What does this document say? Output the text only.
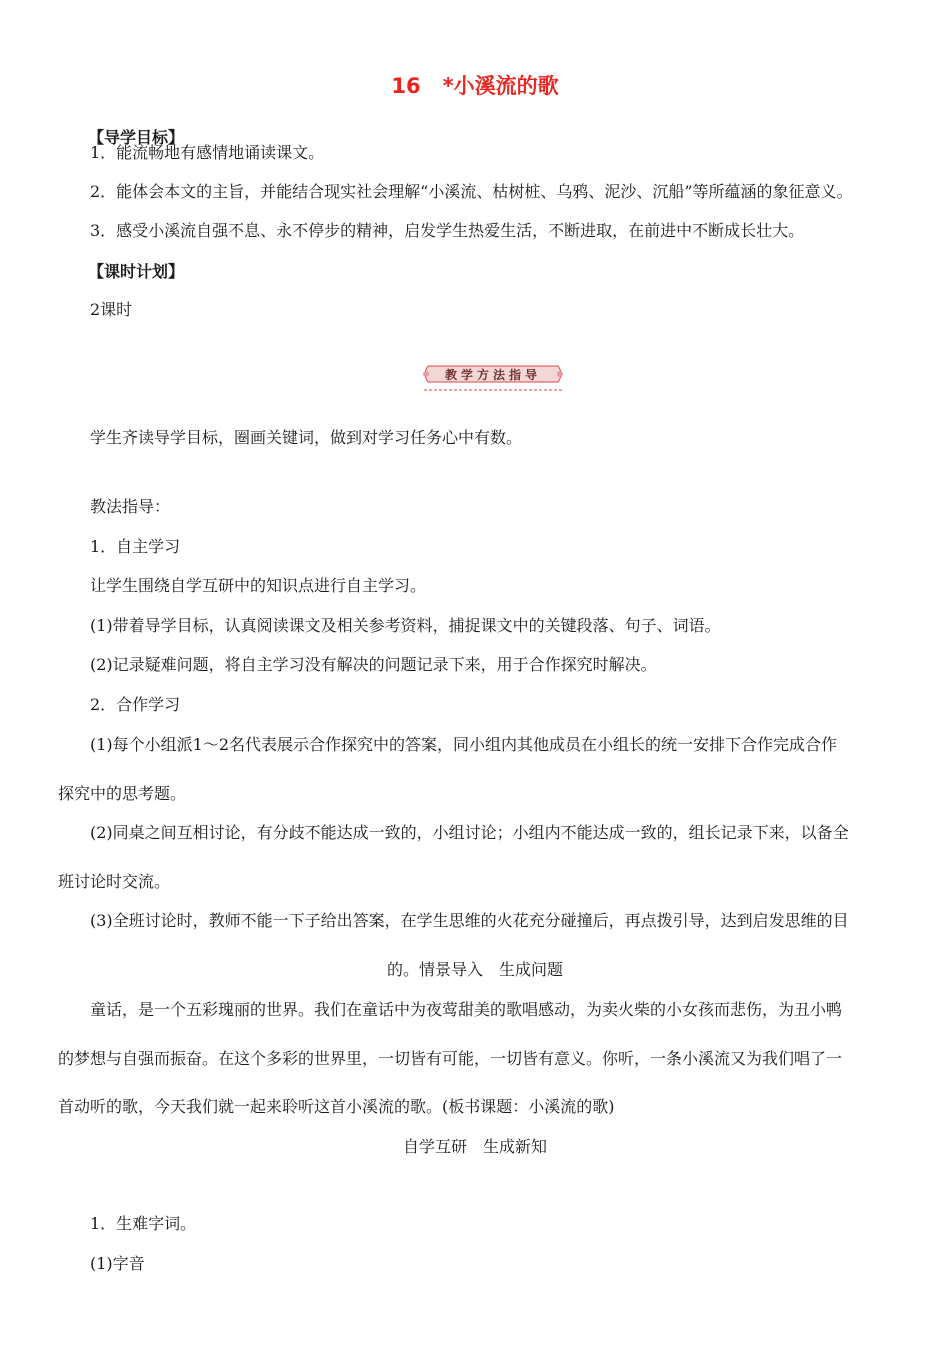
16 *小溪流的歌
【导学目标】
1．能流畅地有感情地诵读课文。
2．能体会本文的主旨，并能结合现实社会理解“小溪流、枯树桩、乌鸦、泥沙、沉船”等所蕴涵的象征意义。
3．感受小溪流自强不息、永不停步的精神，启发学生热爱生活，不断进取，在前进中不断成长壮大。
【课时计划】
2课时
教学方法指导
学生齐读导学目标，圈画关键词，做到对学习任务心中有数。
教法指导：
1．自主学习
让学生围绕自学互研中的知识点进行自主学习。
(1)带着导学目标，认真阅读课文及相关参考资料，捕捉课文中的关键段落、句子、词语。
(2)记录疑难问题，将自主学习没有解决的问题记录下来，用于合作探究时解决。
2．合作学习
(1)每个小组派1～2名代表展示合作探究中的答案，同小组内其他成员在小组长的统一安排下合作完成合作
探究中的思考题。
(2)同桌之间互相讨论，有分歧不能达成一致的，小组讨论；小组内不能达成一致的，组长记录下来，以备全
班讨论时交流。
(3)全班讨论时，教师不能一下子给出答案，在学生思维的火花充分碰撞后，再点拨引导，达到启发思维的目
的。情景导入　生成问题
童话，是一个五彩瑰丽的世界。我们在童话中为夜莺甜美的歌唱感动，为卖火柴的小女孩而悲伤，为丑小鸭
的梦想与自强而振奋。在这个多彩的世界里，一切皆有可能，一切皆有意义。你听，一条小溪流又为我们唱了一
首动听的歌，今天我们就一起来聆听这首小溪流的歌。(板书课题：小溪流的歌)
自学互研　生成新知
1．生难字词。
(1)字音
